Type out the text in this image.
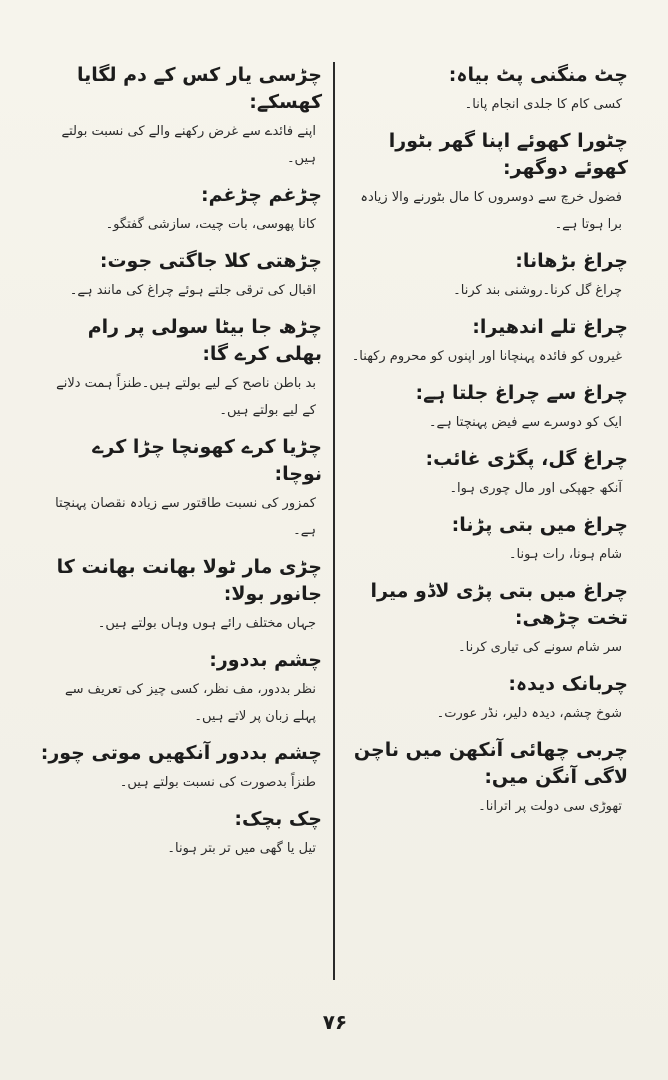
چٹ منگنی پٹ بیاہ:
کسی کام کا جلدی انجام پانا۔
چٹورا کھوئے اپنا گھر بٹورا کھوئے دوگھر:
فضول خرچ سے دوسروں کا مال بٹورنے والا زیادہ برا ہوتا ہے۔
چراغ بڑھانا:
چراغ گل کرنا۔روشنی بند کرنا۔
چراغ تلے اندھیرا:
غیروں کو فائدہ پہنچانا اور اپنوں کو محروم رکھنا۔
چراغ سے چراغ جلتا ہے:
ایک کو دوسرے سے فیض پہنچتا ہے۔
چراغ گل، پگڑی غائب:
آنکھ جھپکی اور مال چوری ہوا۔
چراغ میں بتی پڑنا:
شام ہونا، رات ہونا۔
چراغ میں بتی پڑی لاڈو میرا تخت چڑھی:
سر شام سونے کی تیاری کرنا۔
چربانک دیدہ:
شوخ چشم، دیدہ دلیر، نڈر عورت۔
چربی چھائی آنکھن میں ناچن لاگی آنگن میں:
تھوڑی سی دولت پر اترانا۔
چڑسی یار کس کے دم لگایا کھسکے:
اپنے فائدے سے غرض رکھنے والے کی نسبت بولتے ہیں۔
چڑغم چڑغم:
کانا پھوسی، بات چیت، سازشی گفتگو۔
چڑھتی کلا جاگتی جوت:
اقبال کی ترقی جلتے ہوئے چراغ کی مانند ہے۔
چڑھ جا بیٹا سولی پر رام بھلی کرے گا:
بد باطن ناصح کے لیے بولتے ہیں۔طنزاً ہمت دلانے کے لیے بولتے ہیں۔
چڑیا کرے کھونچا چڑا کرے نوچا:
کمزور کی نسبت طاقتور سے زیادہ نقصان پہنچتا ہے۔
چڑی مار ٹولا بھانت بھانت کا جانور بولا:
جہاں مختلف رائے ہوں وہاں بولتے ہیں۔
چشم بددور:
نظر بددور، مف نظر، کسی چیز کی تعریف سے پہلے زبان پر لاتے ہیں۔
چشم بددور آنکھیں موتی چور:
طنزاً بدصورت کی نسبت بولتے ہیں۔
چک بچک:
تیل یا گھی میں تر بتر ہونا۔
۷۶
